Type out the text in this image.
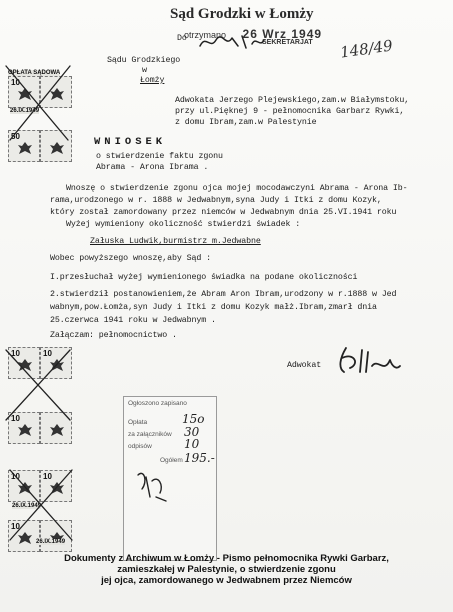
Sąd Grodzki w Łomży
otrzymano 26 Wrz 1949
SEKRETARJAT 148/49
Do
Sądu Grodzkiego
w
Łomży
Adwokata Jerzego Plejewskiego,zam.w Białymstoku,
przy ul.Pięknej 9 - pełnomocnika Garbarz Rywki,
z domu Ibram,zam.w Palestynie
WNIOSEK
o stwierdzenie faktu zgonu
Abrama - Arona Ibrama .
Wnoszę o stwierdzenie zgonu ojca mojej mocodawczyni Abrama - Arona Ib-
rama,urodzonego w r. 1888 w Jedwabnym,syna Judy i Itki z domu Kozyk,
który został zamordowany przez niemców w Jedwabnym dnia 25.VI.1941 roku
Wyżej wymieniony okoliczność stwierdzi świadek :
Załuska Ludwik,burmistrz m.Jedwabne
Wobec powyższego wnoszę,aby Sąd :
I.przesłuchał wyżej wymienionego świadka na podane okoliczności
2.stwierdził postanowieniem,że Abram Aron Ibram,urodzony w r.1888 w Jed
wabnym,pow.Łomża,syn Judy i Itki z domu Kozyk małż.Ibram,zmarł dnia
25.czerwca 1941 roku w Jedwabnym .
Załączam: pełnomocnictwo .
Adwokat
Ogłoszono zapisano
Opłata	15o
za załączników 30
odpisów	10
Ogółem 195.-
10
OPŁATA SĄDOWA
26.IX.1949
50
10	10
10
10	10
26.IX.1949
10
26.IX.1949
Dokumenty z Archiwum w Łomży - Pismo pełnomocnika Rywki Garbarz,
zamieszkałej w Palestynie, o stwierdzenie zgonu
jej ojca, zamordowanego w Jedwabnem przez Niemców
